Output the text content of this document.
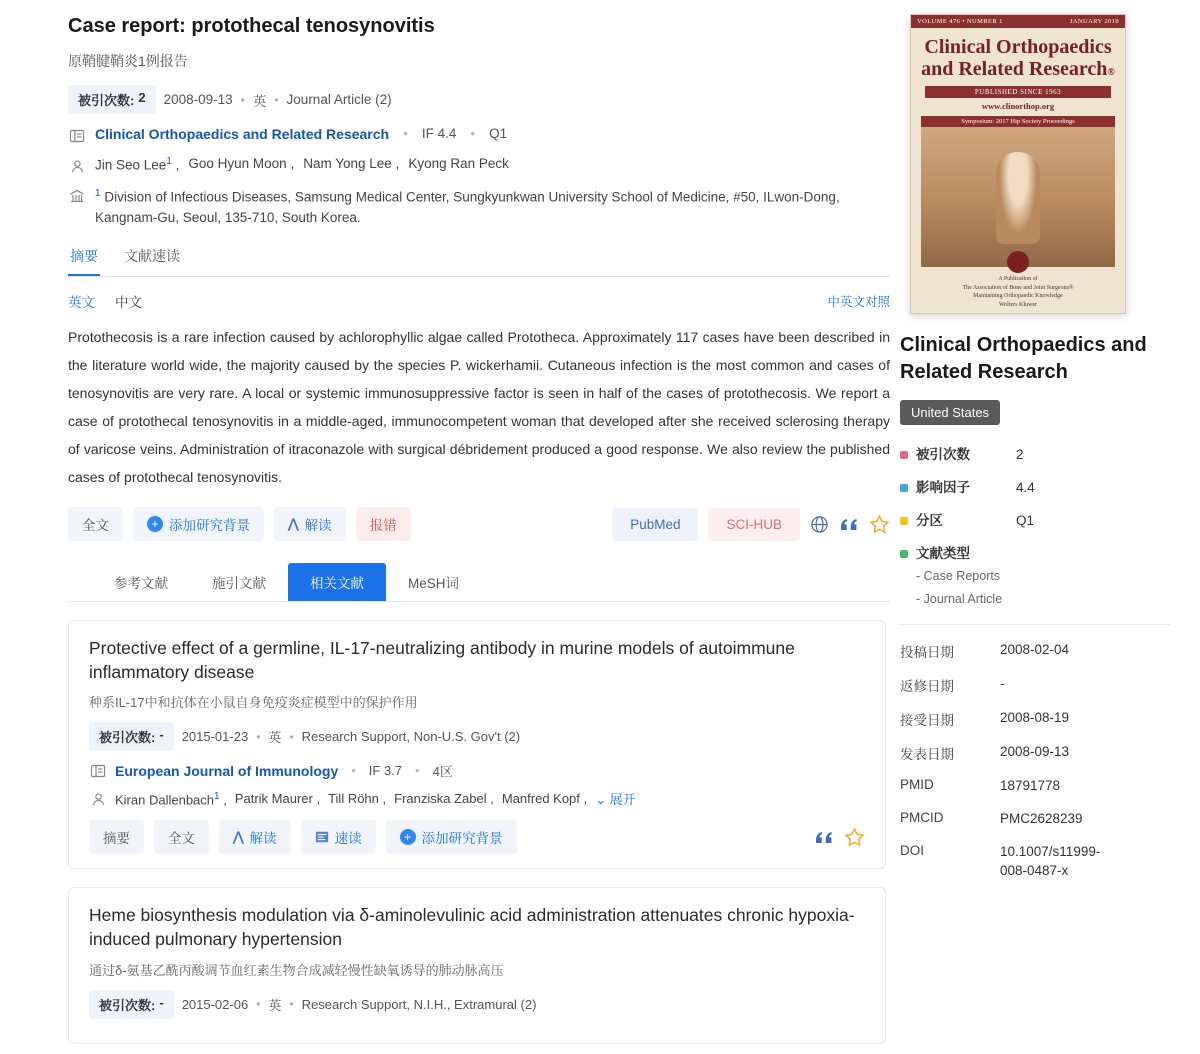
Case report: protothecal tenosynovitis
原鞘腱鞘炎1例报告
被引次数: 2 2008-09-13 • 英 • Journal Article (2)
Clinical Orthopaedics and Related Research • IF 4.4 • Q1
Jin Seo Lee$^1$ , Goo Hyun Moon , Nam Yong Lee , Kyong Ran Peck
$^1$ Division of Infectious Diseases, Samsung Medical Center, Sungkyunkwan University School of Medicine, #50, ILwon-Dong, Kangnam-Gu, Seoul, 135-710, South Korea.
摘要 文献速读
英文 中文	中英文对照
Protothecosis is a rare infection caused by achlorophyllic algae called Prototheca. Approximately 117 cases have been described in the literature world wide, the majority caused by the species P. wickerhamii. Cutaneous infection is the most common and cases of tenosynovitis are very rare. A local or systemic immunosuppressive factor is seen in half of the cases of protothecosis. We report a case of protothecal tenosynovitis in a middle-aged, immunocompetent woman that developed after she received sclerosing therapy of varicose veins. Administration of itraconazole with surgical débridement produced a good response. We also review the published cases of protothecal tenosynovitis.
全文	+ 添加研究背景	⋀ 解读	报错	PubMed	SCI-HUB
参考文献	施引文献	相关文献	MeSH词
Protective effect of a germline, IL-17-neutralizing antibody in murine models of autoimmune inflammatory disease
种系IL-17中和抗体在小鼠自身免疫炎症模型中的保护作用
被引次数: - 2015-01-23 • 英 • Research Support, Non-U.S. Gov't (2)
European Journal of Immunology • IF 3.7 • 4区
Kiran Dallenbach$^1$ , Patrik Maurer , Till Röhn , Franziska Zabel , Manfred Kopf , ⌄ 展开
摘要	全文	⋀ 解读	速读	+ 添加研究背景
Heme biosynthesis modulation via δ-aminolevulinic acid administration attenuates chronic hypoxia-induced pulmonary hypertension
通过δ-氨基乙酰丙酸调节血红素生物合成减轻慢性缺氧诱导的肺动脉高压
被引次数: - 2015-02-06 • 英 • Research Support, N.I.H., Extramural (2)
VOLUME 476 • NUMBER 1	JANUARY 2018
Clinical Orthopaedics
and Related Research®
PUBLISHED SINCE 1963
www.clinorthop.org
Symposium: 2017 Hip Society Proceedings
A Publication of
The Association of Bone and Joint Surgeons®
Maintaining Orthopaedic Knowledge
Wolters Kluwer
Clinical Orthopaedics and Related Research
United States
被引次数	2
影响因子	4.4
分区	Q1
文献类型
- Case Reports
- Journal Article
投稿日期	2008-02-04
返修日期	-
接受日期	2008-08-19
发表日期	2008-09-13
PMID	18791778
PMCID	PMC2628239
DOI	10.1007/s11999-008-0487-x
